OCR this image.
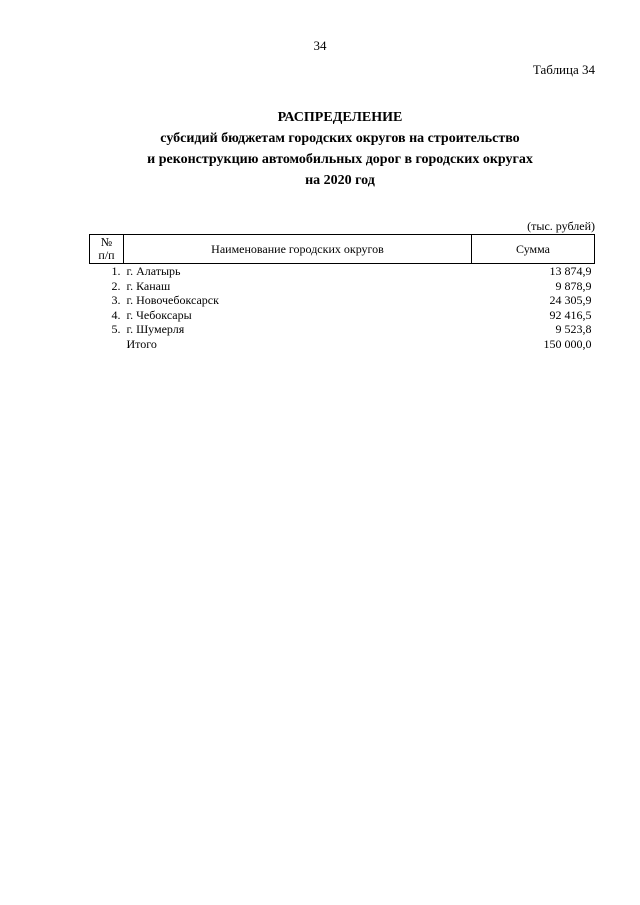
34
Таблица 34
РАСПРЕДЕЛЕНИЕ
субсидий бюджетам городских округов на строительство
и реконструкцию автомобильных дорог в городских округах
на 2020 год
(тыс. рублей)
№
п/п	Наименование городских округов	Сумма
1.	г. Алатырь	13 874,9
2.	г. Канаш	9 878,9
3.	г. Новочебоксарск	24 305,9
4.	г. Чебоксары	92 416,5
5.	г. Шумерля	9 523,8
	Итого	150 000,0
